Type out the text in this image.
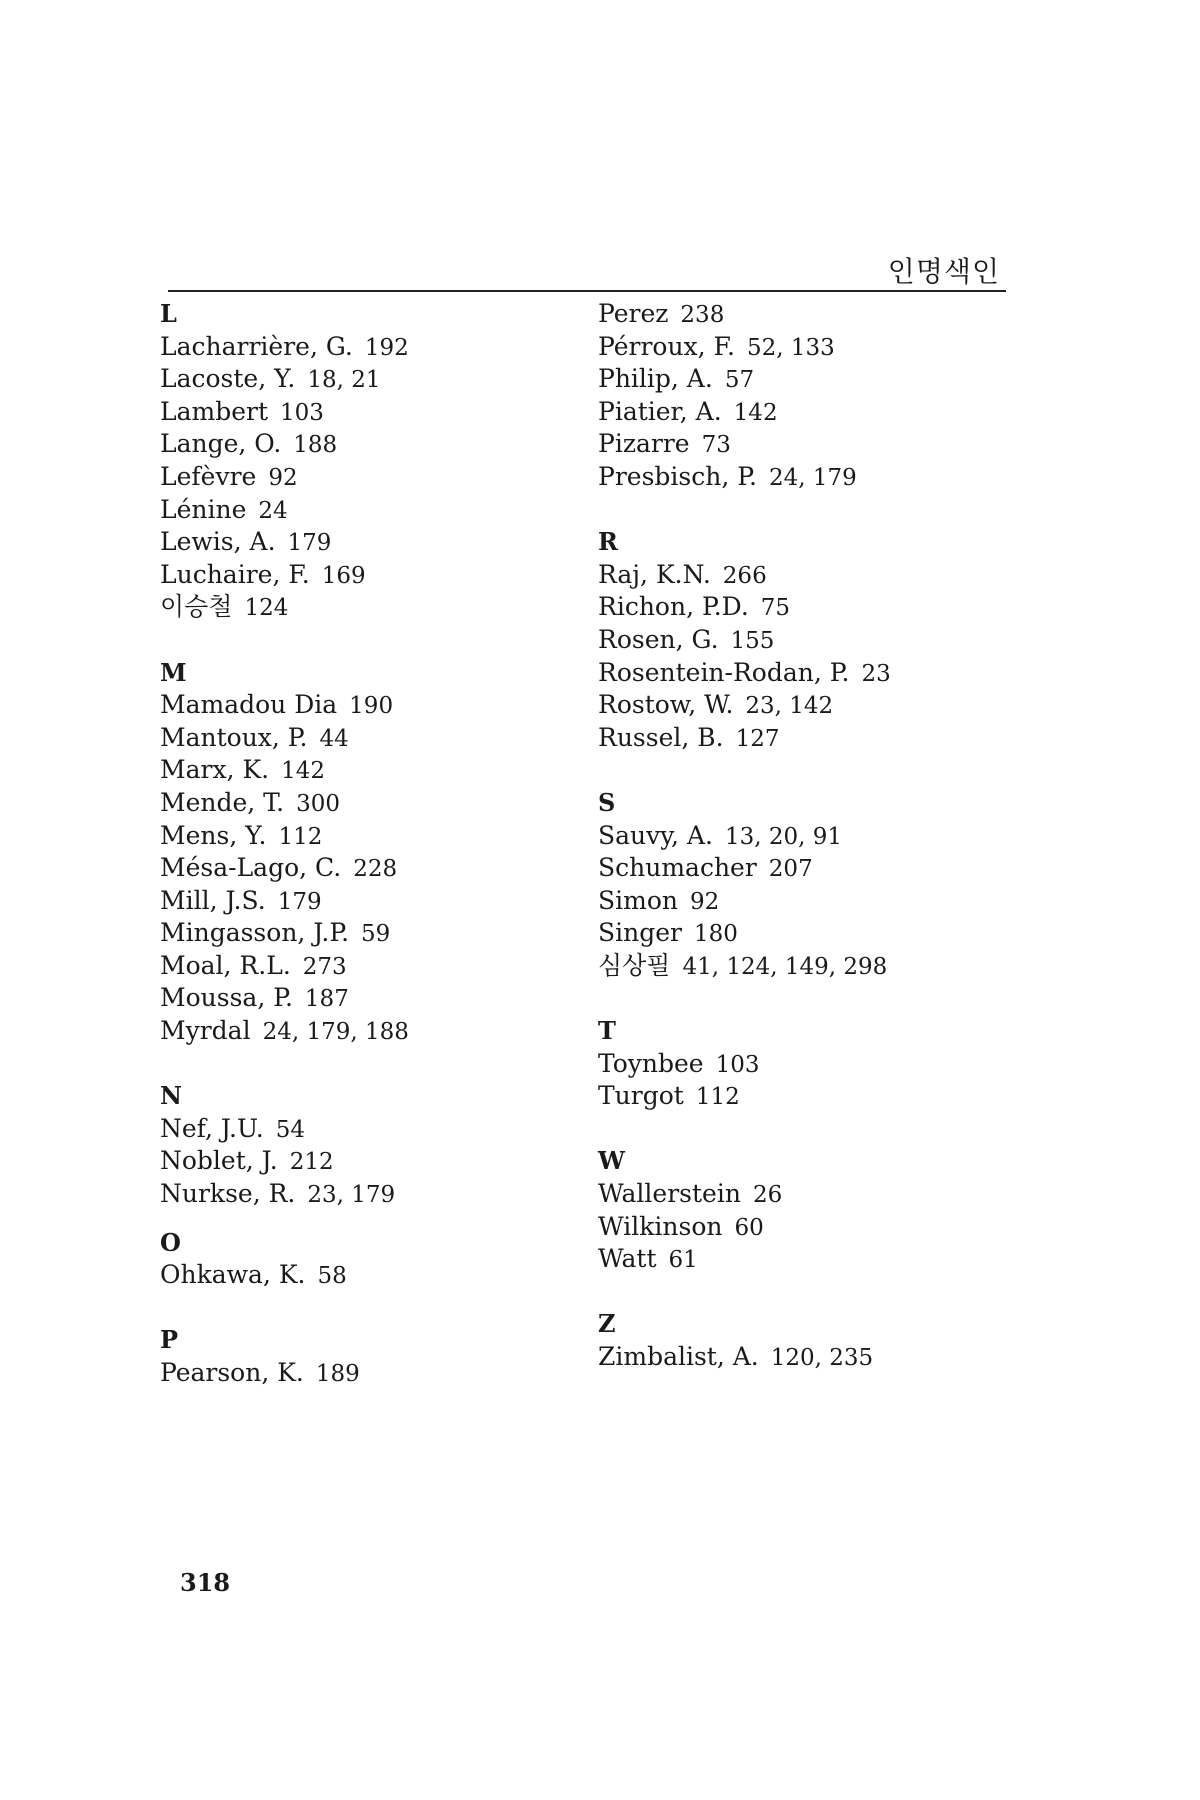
인명색인
L
Lacharrière, G. 192
Lacoste, Y. 18, 21
Lambert 103
Lange, O. 188
Lefèvre 92
Lénine 24
Lewis, A. 179
Luchaire, F. 169
이승철 124
M
Mamadou Dia 190
Mantoux, P. 44
Marx, K. 142
Mende, T. 300
Mens, Y. 112
Mésa-Lago, C. 228
Mill, J.S. 179
Mingasson, J.P. 59
Moal, R.L. 273
Moussa, P. 187
Myrdal 24, 179, 188
N
Nef, J.U. 54
Noblet, J. 212
Nurkse, R. 23, 179
O
Ohkawa, K. 58
P
Pearson, K. 189
Perez 238
Pérroux, F. 52, 133
Philip, A. 57
Piatier, A. 142
Pizarre 73
Presbisch, P. 24, 179
R
Raj, K.N. 266
Richon, P.D. 75
Rosen, G. 155
Rosentein-Rodan, P. 23
Rostow, W. 23, 142
Russel, B. 127
S
Sauvy, A. 13, 20, 91
Schumacher 207
Simon 92
Singer 180
심상필 41, 124, 149, 298
T
Toynbee 103
Turgot 112
W
Wallerstein 26
Wilkinson 60
Watt 61
Z
Zimbalist, A. 120, 235
318
